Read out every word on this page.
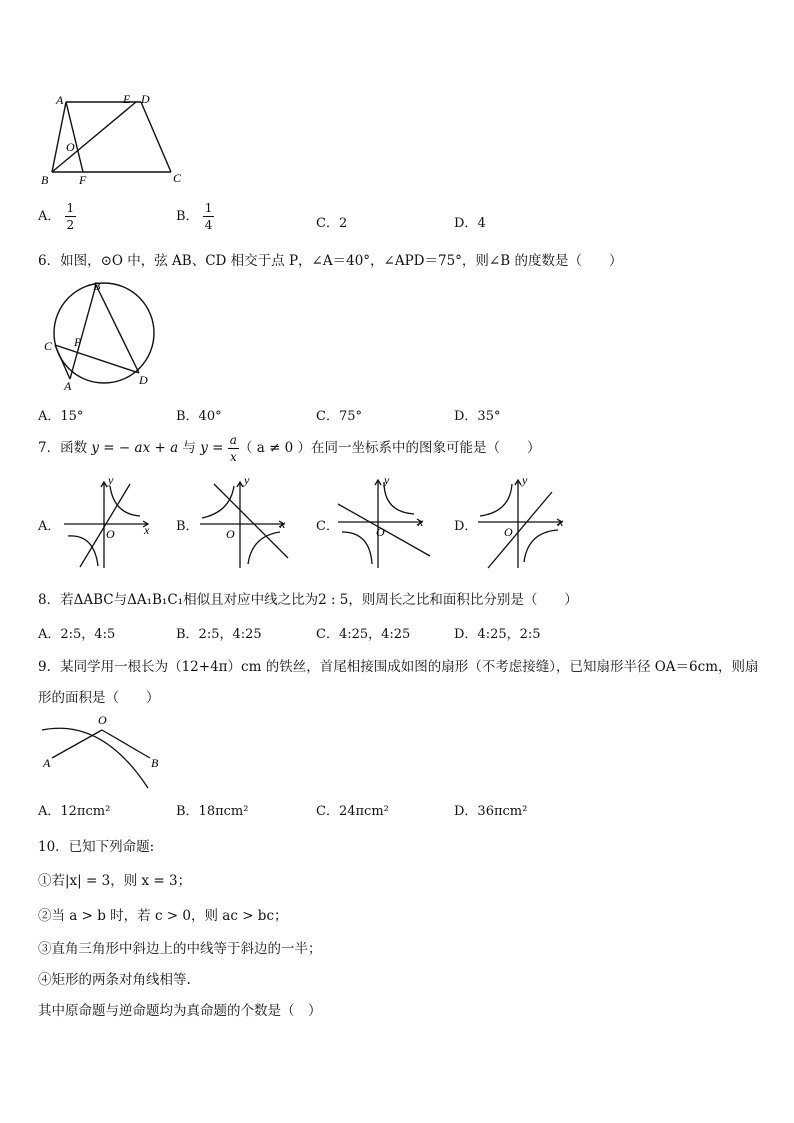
A	E D
O
B	F	C
A． $\frac{1}{2}$	B． $\frac{1}{4}$	C．2	D．4
6．如图，⊙O 中，弦 AB、CD 相交于点 P，∠A＝40°，∠APD＝75°，则∠B 的度数是（　　）
B
C P
A	D
A．15°	B．40°	C．75°	D．35°
7．函数 y = − ax + a 与 $y = \frac{a}{x}$ （ a ≠ 0 ）在同一坐标系中的图象可能是（　　）
A．
y
x
O	B．
y
x
O	C．
y
x
O	D．
y
x
O
8．若ΔABC与ΔA₁B₁C₁相似且对应中线之比为2 : 5，则周长之比和面积比分别是（　　）
A．2:5，4:5	B．2:5，4:25	C．4:25，4:25	D．4:25，2:5
9．某同学用一根长为（12+4π）cm 的铁丝，首尾相接围成如图的扇形（不考虑接缝），已知扇形半径 OA＝6cm，则扇
形的面积是（　　）
O
A	B
A．12πcm²	B．18πcm²	C．24πcm²	D．36πcm²
10．已知下列命题:
①若|x| = 3，则 x = 3；
②当 a > b 时，若 c > 0，则 ac > bc；
③直角三角形中斜边上的中线等于斜边的一半；
④矩形的两条对角线相等.
其中原命题与逆命题均为真命题的个数是（　）
